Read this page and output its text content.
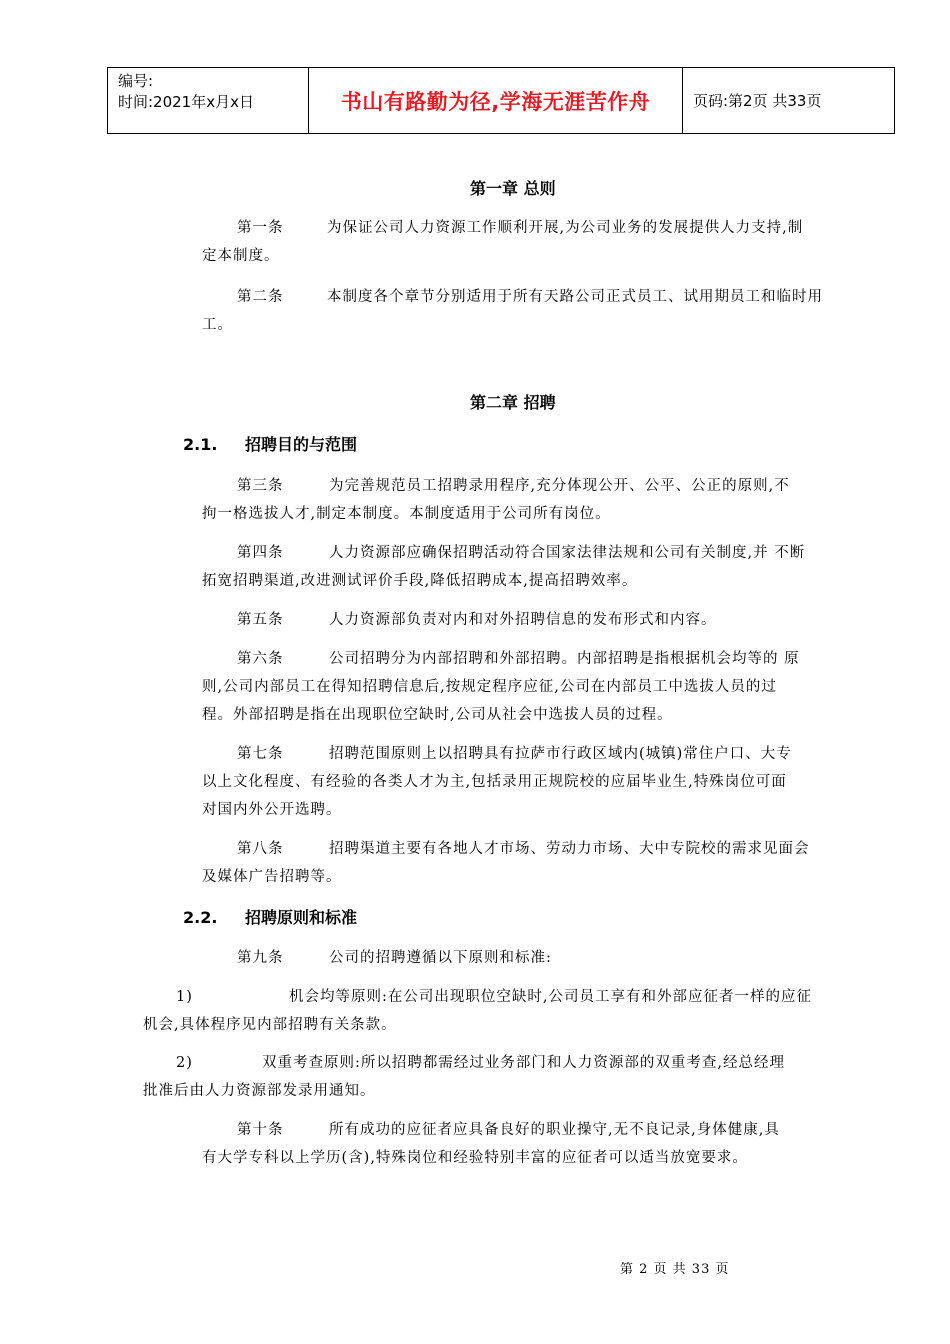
编号:
时间:2021年x月x日	书山有路勤为径,学海无涯苦作舟	页码:第2页 共33页
第一章 总则
第一条	为保证公司人力资源工作顺利开展,为公司业务的发展提供人力支持,制
定本制度。
第二条	本制度各个章节分别适用于所有天路公司正式员工、试用期员工和临时用
工。
第二章 招聘
2.1. 招聘目的与范围
第三条	为完善规范员工招聘录用程序,充分体现公开、公平、公正的原则,不
拘一格选拔人才,制定本制度。本制度适用于公司所有岗位。
第四条	人力资源部应确保招聘活动符合国家法律法规和公司有关制度,并 不断
拓宽招聘渠道,改进测试评价手段,降低招聘成本,提高招聘效率。
第五条	人力资源部负责对内和对外招聘信息的发布形式和内容。
第六条	公司招聘分为内部招聘和外部招聘。内部招聘是指根据机会均等的 原
则,公司内部员工在得知招聘信息后,按规定程序应征,公司在内部员工中选拔人员的过
程。外部招聘是指在出现职位空缺时,公司从社会中选拔人员的过程。
第七条	招聘范围原则上以招聘具有拉萨市行政区域内(城镇)常住户口、大专
以上文化程度、有经验的各类人才为主,包括录用正规院校的应届毕业生,特殊岗位可面
对国内外公开选聘。
第八条	招聘渠道主要有各地人才市场、劳动力市场、大中专院校的需求见面会
及媒体广告招聘等。
2.2. 招聘原则和标准
第九条	公司的招聘遵循以下原则和标准:
1)	机会均等原则:在公司出现职位空缺时,公司员工享有和外部应征者一样的应征
机会,具体程序见内部招聘有关条款。
2)	双重考查原则:所以招聘都需经过业务部门和人力资源部的双重考查,经总经理
批准后由人力资源部发录用通知。
第十条	所有成功的应征者应具备良好的职业操守,无不良记录,身体健康,具
有大学专科以上学历(含),特殊岗位和经验特别丰富的应征者可以适当放宽要求。
第 2 页 共 33 页
